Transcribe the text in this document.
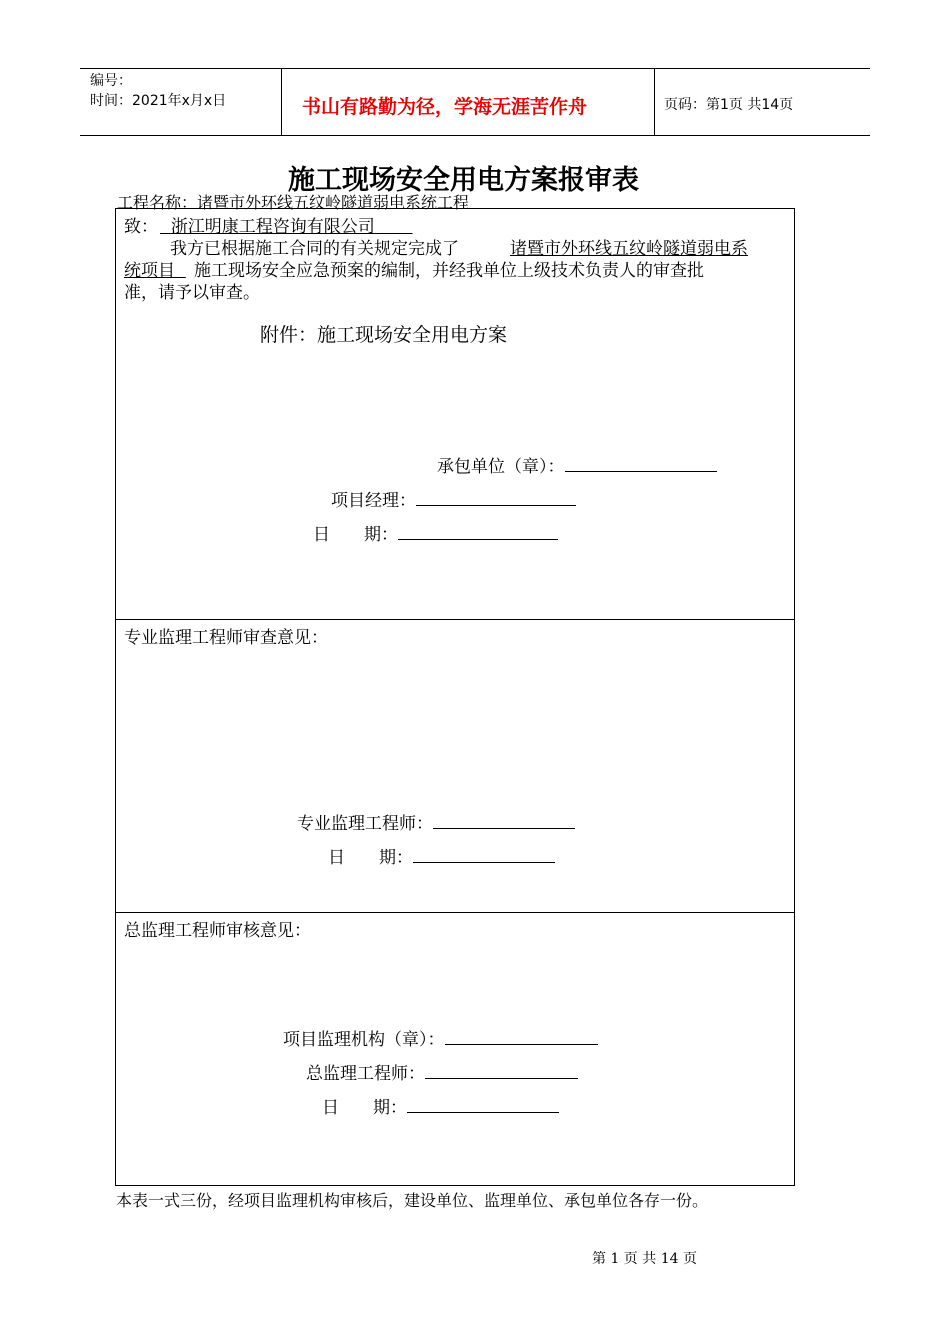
编号：
时间：2021年x月x日	书山有路勤为径，学海无涯苦作舟	页码：第1页 共14页
施工现场安全用电方案报审表
工程名称：诸暨市外环线五纹岭隧道弱电系统工程
致： 浙江明康工程咨询有限公司
我方已根据施工合同的有关规定完成了	诸暨市外环线五纹岭隧道弱电系
统项目	施工现场安全应急预案的编制，并经我单位上级技术负责人的审查批
准，请予以审查。
附件：施工现场安全用电方案
承包单位（章）：
项目经理：
日　　期：
专业监理工程师审查意见：
专业监理工程师：
日　　期：
总监理工程师审核意见：
项目监理机构（章）：
总监理工程师：
日　　期：
本表一式三份，经项目监理机构审核后，建设单位、监理单位、承包单位各存一份。
第 1 页 共 14 页
